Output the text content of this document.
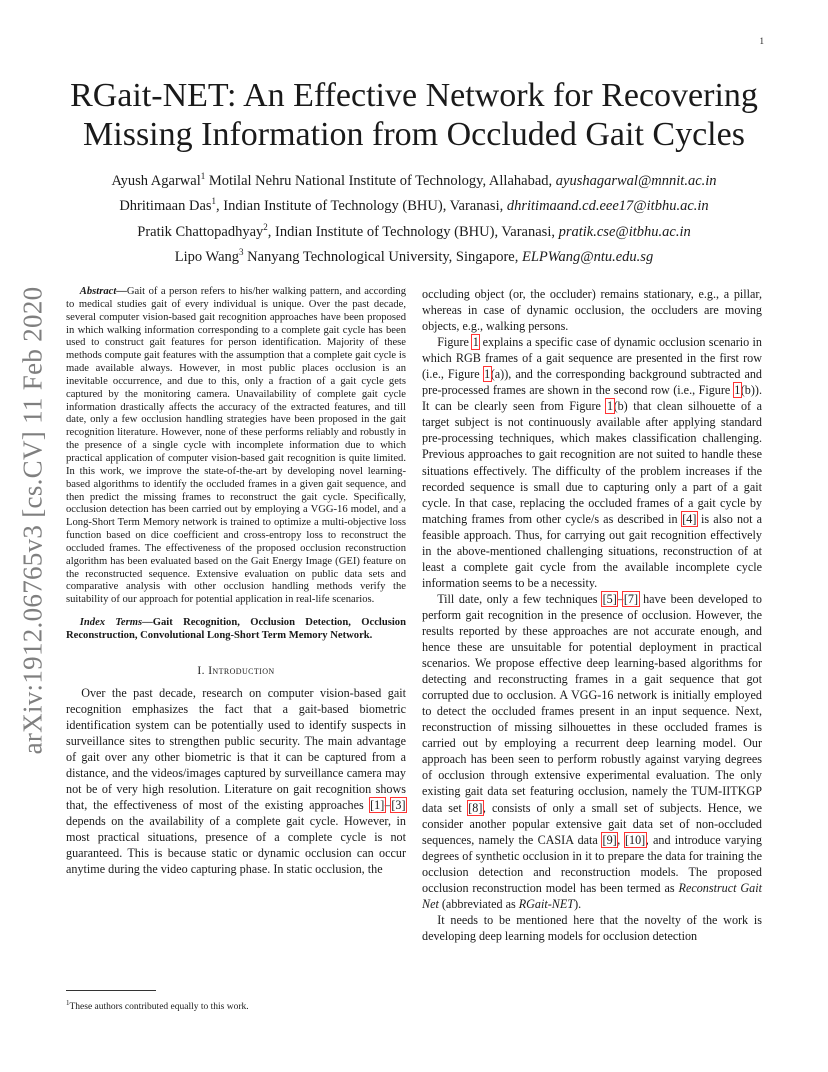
1
arXiv:1912.06765v3 [cs.CV] 11 Feb 2020
RGait-NET: An Effective Network for Recovering
Missing Information from Occluded Gait Cycles
Ayush Agarwal$^1$ Motilal Nehru National Institute of Technology, Allahabad, ayushagarwal@mnnit.ac.in
Dhritimaan Das$^1$, Indian Institute of Technology (BHU), Varanasi, dhritimaand.cd.eee17@itbhu.ac.in
Pratik Chattopadhyay$^2$, Indian Institute of Technology (BHU), Varanasi, pratik.cse@itbhu.ac.in
Lipo Wang$^3$ Nanyang Technological University, Singapore, ELPWang@ntu.edu.sg

Abstract—Gait of a person refers to his/her walking pattern, and according to medical studies gait of every individual is unique. Over the past decade, several computer vision-based gait recognition approaches have been proposed in which walking information corresponding to a complete gait cycle has been used to construct gait features for person identification. Majority of these methods compute gait features with the assumption that a complete gait cycle is made available always. However, in most public places occlusion is an inevitable occurrence, and due to this, only a fraction of a gait cycle gets captured by the monitoring camera. Unavailability of complete gait cycle information drastically affects the accuracy of the extracted features, and till date, only a few occlusion handling strategies have been proposed in the gait recognition literature. However, none of these performs reliably and robustly in the presence of a single cycle with incomplete information due to which practical application of computer vision-based gait recognition is quite limited. In this work, we improve the state-of-the-art by developing novel learning-based algorithms to identify the occluded frames in a given gait sequence, and then predict the missing frames to reconstruct the gait cycle. Specifically, occlusion detection has been carried out by employing a VGG-16 model, and a Long-Short Term Memory network is trained to optimize a multi-objective loss function based on dice coefficient and cross-entropy loss to reconstruct the occluded frames. The effectiveness of the proposed occlusion reconstruction algorithm has been evaluated based on the Gait Energy Image (GEI) feature on the reconstructed sequence. Extensive evaluation on public data sets and comparative analysis with other occlusion handling methods verify the suitability of our approach for potential application in real-life scenarios.

Index Terms—Gait Recognition, Occlusion Detection, Occlusion Reconstruction, Convolutional Long-Short Term Memory Network.

I. Introduction

Over the past decade, research on computer vision-based gait recognition emphasizes the fact that a gait-based biometric identification system can be potentially used to identify suspects in surveillance sites to strengthen public security. The main advantage of gait over any other biometric is that it can be captured from a distance, and the videos/images captured by surveillance camera may not be of very high resolution. Literature on gait recognition shows that, the effectiveness of most of the existing approaches [1]–[3] depends on the availability of a complete gait cycle. However, in most practical situations, presence of a complete cycle is not guaranteed. This is because static or dynamic occlusion can occur anytime during the video capturing phase. In static occlusion, the

occluding object (or, the occluder) remains stationary, e.g., a pillar, whereas in case of dynamic occlusion, the occluders are moving objects, e.g., walking persons.

Figure 1 explains a specific case of dynamic occlusion scenario in which RGB frames of a gait sequence are presented in the first row (i.e., Figure 1(a)), and the corresponding background subtracted and pre-processed frames are shown in the second row (i.e., Figure 1(b)). It can be clearly seen from Figure 1(b) that clean silhouette of a target subject is not continuously available after applying standard pre-processing techniques, which makes classification challenging. Previous approaches to gait recognition are not suited to handle these situations effectively. The difficulty of the problem increases if the recorded sequence is small due to capturing only a part of a gait cycle. In that case, replacing the occluded frames of a gait cycle by matching frames from other cycle/s as described in [4] is also not a feasible approach. Thus, for carrying out gait recognition effectively in the above-mentioned challenging situations, reconstruction of at least a complete gait cycle from the available incomplete cycle information seems to be a necessity.

Till date, only a few techniques [5]–[7] have been developed to perform gait recognition in the presence of occlusion. However, the results reported by these approaches are not accurate enough, and hence these are unsuitable for potential deployment in practical scenarios. We propose effective deep learning-based algorithms for detecting and reconstructing frames in a gait sequence that got corrupted due to occlusion. A VGG-16 network is initially employed to detect the occluded frames present in an input sequence. Next, reconstruction of missing silhouettes in these occluded frames is carried out by employing a recurrent deep learning model. Our approach has been seen to perform robustly against varying degrees of occlusion through extensive experimental evaluation. The only existing gait data set featuring occlusion, namely the TUM-IITKGP data set [8], consists of only a small set of subjects. Hence, we consider another popular extensive gait data set of non-occluded sequences, namely the CASIA data [9], [10], and introduce varying degrees of synthetic occlusion in it to prepare the data for training the occlusion detection and reconstruction models. The proposed occlusion reconstruction model has been termed as Reconstruct Gait Net (abbreviated as RGait-NET).

It needs to be mentioned here that the novelty of the work is developing deep learning models for occlusion detection

$^1$These authors contributed equally to this work.
